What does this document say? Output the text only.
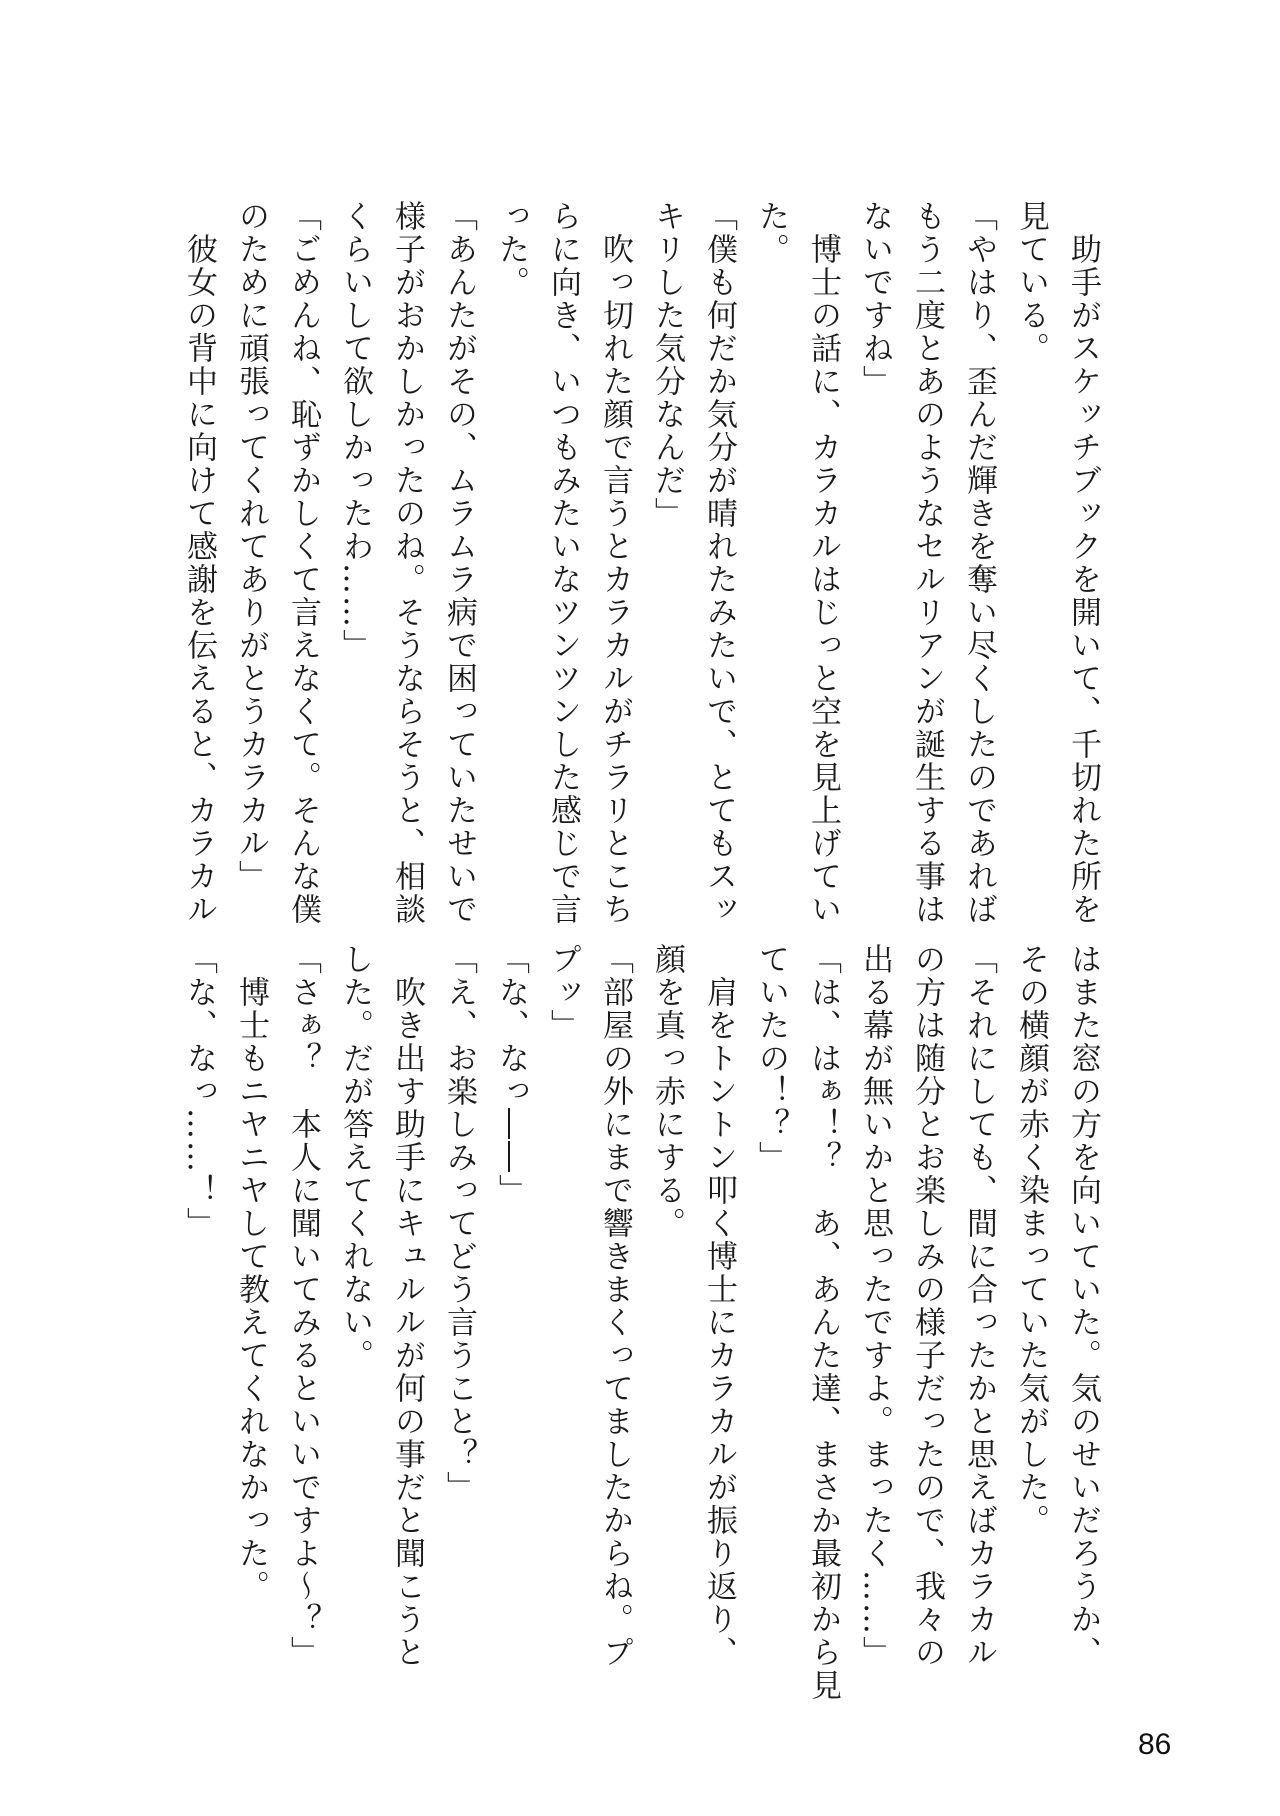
　助手がスケッチブックを開いて、千切れた所を
見ている。
「やはり、歪んだ輝きを奪い尽くしたのであれば
もう二度とあのようなセルリアンが誕生する事は
ないですね」
　博士の話に、カラカルはじっと空を見上げてい
た。
「僕も何だか気分が晴れたみたいで、とてもスッ
キリした気分なんだ」
　吹っ切れた顔で言うとカラカルがチラリとこち
らに向き、いつもみたいなツンツンした感じで言
った。
「あんたがその、ムラムラ病で困っていたせいで
様子がおかしかったのね。そうならそうと、相談
くらいして欲しかったわ……」
「ごめんね、恥ずかしくて言えなくて。そんな僕
のために頑張ってくれてありがとうカラカル」
　彼女の背中に向けて感謝を伝えると、カラカル
はまた窓の方を向いていた。気のせいだろうか、
その横顔が赤く染まっていた気がした。
「それにしても、間に合ったかと思えばカラカル
の方は随分とお楽しみの様子だったので、我々の
出る幕が無いかと思ったですよ。まったく……」
「は、はぁ！？　あ、あんた達、まさか最初から見
ていたの！？」
　肩をトントン叩く博士にカラカルが振り返り、
顔を真っ赤にする。
「部屋の外にまで響きまくってましたからね。プ
プッ」
「な、なっ――」
「え、お楽しみってどう言うこと？」
　吹き出す助手にキュルルが何の事だと聞こうと
した。だが答えてくれない。
「さぁ？　本人に聞いてみるといいですよ～？」
　博士もニヤニヤして教えてくれなかった。
「な、なっ……！」
86
